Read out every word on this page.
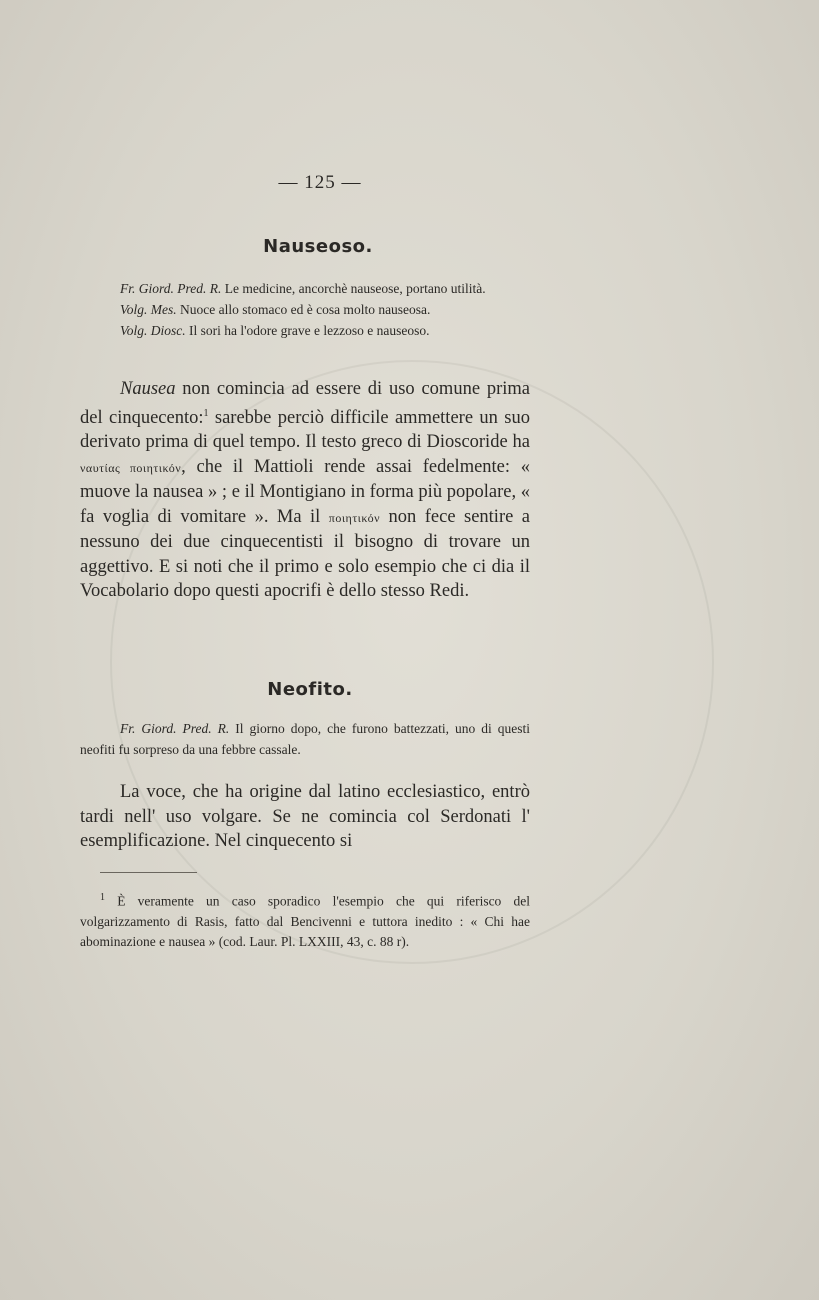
— 125 —
Nauseoso.
Fr. Giord. Pred. R. Le medicine, ancorchè nauseose, portano utilità.
Volg. Mes. Nuoce allo stomaco ed è cosa molto nauseosa.
Volg. Diosc. Il sori ha l'odore grave e lezzoso e nauseoso.
Nausea non comincia ad essere di uso comune prima del cinquecento:$^1$ sarebbe perciò difficile ammettere un suo derivato prima di quel tempo. Il testo greco di Dioscoride ha ναυτίας ποιητικόν, che il Mattioli rende assai fedelmente: « muove la nausea » ; e il Montigiano in forma più popolare, « fa voglia di vomitare ». Ma il ποιητικόν non fece sentire a nessuno dei due cinquecentisti il bisogno di trovare un aggettivo. E si noti che il primo e solo esempio che ci dia il Vocabolario dopo questi apocrifi è dello stesso Redi.
Neofito.
Fr. Giord. Pred. R. Il giorno dopo, che furono battezzati, uno di questi neofiti fu sorpreso da una febbre cassale.
La voce, che ha origine dal latino ecclesiastico, entrò tardi nell' uso volgare. Se ne comincia col Serdonati l' esemplificazione. Nel cinquecento si
$^1$ È veramente un caso sporadico l'esempio che qui riferisco del volgarizzamento di Rasis, fatto dal Bencivenni e tuttora inedito : « Chi hae abominazione e nausea » (cod. Laur. Pl. LXXIII, 43, c. 88 r).
